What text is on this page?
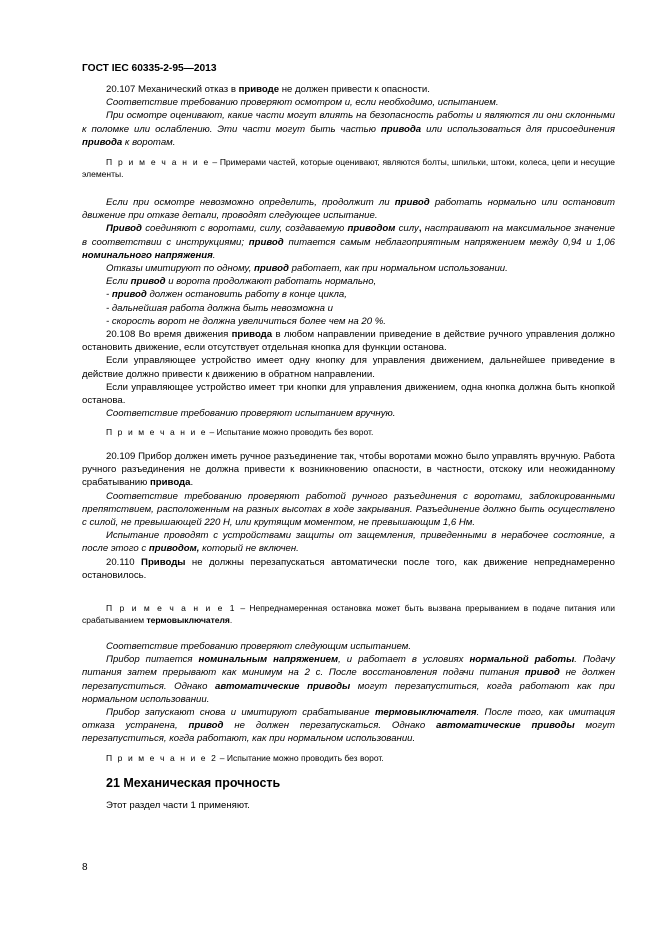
ГОСТ IEC 60335-2-95—2013

20.107 Механический отказ в приводе не должен привести к опасности.

Соответствие требованию проверяют осмотром и, если необходимо, испытанием.

При осмотре оценивают, какие части могут влиять на безопасность работы и являются ли они склонными к поломке или ослаблению. Эти части могут быть частью привода или использоваться для присоединения привода к воротам.

П р и м е ч а н и е – Примерами частей, которые оценивают, являются болты, шпильки, штоки, колеса, цепи и несущие элементы.

Если при осмотре невозможно определить, продолжит ли привод работать нормально или остановит движение при отказе детали, проводят следующее испытание.

Привод соединяют с воротами, силу, создаваемую приводом силу, настраивают на максимальное значение в соответствии с инструкциями; привод питается самым неблагоприятным напряжением между 0,94 и 1,06 номинального напряжения.

Отказы имитируют по одному, привод работает, как при нормальном использовании.

Если привод и ворота продолжают работать нормально,

- привод должен остановить работу в конце цикла,

- дальнейшая работа должна быть невозможна и

- скорость ворот не должна увеличиться более чем на 20 %.

20.108 Во время движения привода в любом направлении приведение в действие ручного управления должно остановить движение, если отсутствует отдельная кнопка для функции останова.

Если управляющее устройство имеет одну кнопку для управления движением, дальнейшее приведение в действие должно привести к движению в обратном направлении.

Если управляющее устройство имеет три кнопки для управления движением, одна кнопка должна быть кнопкой останова.

Соответствие требованию проверяют испытанием вручную.

П р и м е ч а н и е – Испытание можно проводить без ворот.

20.109 Прибор должен иметь ручное разъединение так, чтобы воротами можно было управлять вручную. Работа ручного разъединения не должна привести к возникновению опасности, в частности, отскоку или неожиданному срабатыванию привода.

Соответствие требованию проверяют работой ручного разъединения с воротами, заблокированными препятствием, расположенным на разных высотах в ходе закрывания. Разъединение должно быть осуществлено с силой, не превышающей 220 Н, или крутящим моментом, не превышающим 1,6 Нм.

Испытание проводят с устройствами защиты от защемления, приведенными в нерабочее состояние, а после этого с приводом, который не включен.

20.110 Приводы не должны перезапускаться автоматически после того, как движение непреднамеренно остановилось.

П р и м е ч а н и е 1 – Непреднамеренная остановка может быть вызвана прерыванием в подаче питания или срабатыванием термовыключателя.

Соответствие требованию проверяют следующим испытанием.

Прибор питается номинальным напряжением, и работает в условиях нормальной работы. Подачу питания затем прерывают как минимум на 2 с. После восстановления подачи питания привод не должен перезапуститься. Однако автоматические приводы могут перезапуститься, когда работают как при нормальном использовании.

Прибор запускают снова и имитируют срабатывание термовыключателя. После того, как имитация отказа устранена, привод не должен перезапускаться. Однако автоматические приводы могут перезапуститься, когда работают, как при нормальном использовании.

П р и м е ч а н и е 2 – Испытание можно проводить без ворот.

21 Механическая прочность

Этот раздел части 1 применяют.

8
